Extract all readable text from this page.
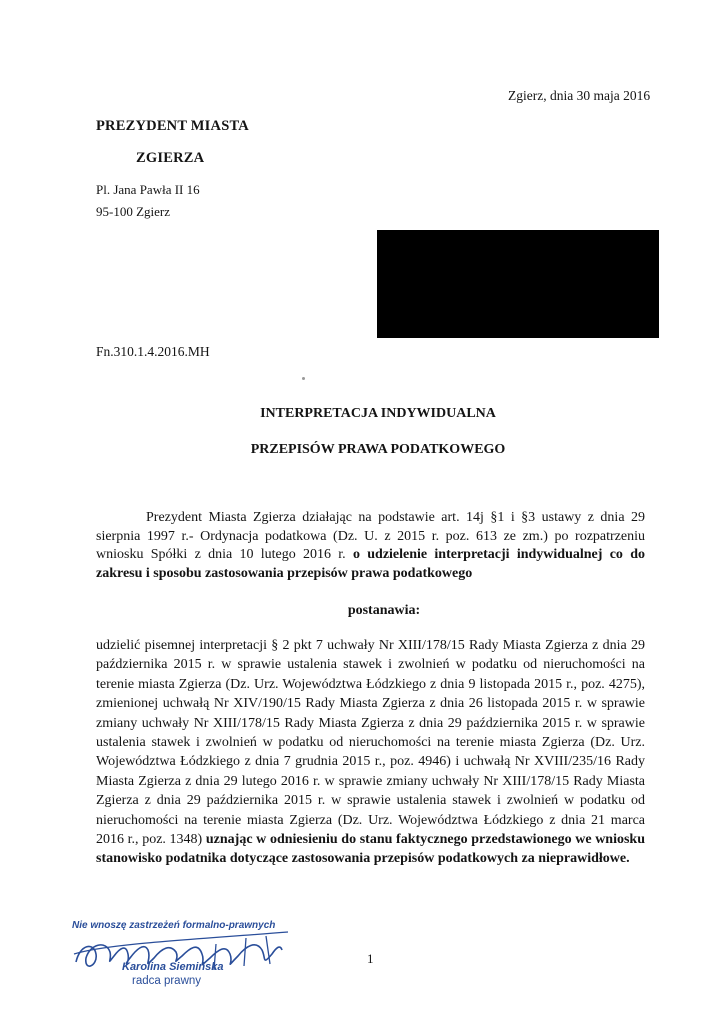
Zgierz, dnia 30 maja 2016
PREZYDENT MIASTA
ZGIERZA
Pl. Jana Pawła II 16
95-100 Zgierz
Fn.310.1.4.2016.MH
INTERPRETACJA INDYWIDUALNA
PRZEPISÓW PRAWA PODATKOWEGO
Prezydent Miasta Zgierza działając na podstawie art. 14j §1 i §3 ustawy z dnia 29 sierpnia 1997 r.- Ordynacja podatkowa (Dz. U. z 2015 r. poz. 613 ze zm.) po rozpatrzeniu wniosku Spółki z dnia 10 lutego 2016 r. o udzielenie interpretacji indywidualnej co do zakresu i sposobu zastosowania przepisów prawa podatkowego
postanawia:
udzielić pisemnej interpretacji § 2 pkt 7 uchwały Nr XIII/178/15 Rady Miasta Zgierza z dnia 29 października 2015 r. w sprawie ustalenia stawek i zwolnień w podatku od nieruchomości na terenie miasta Zgierza (Dz. Urz. Województwa Łódzkiego z dnia 9 listopada 2015 r., poz. 4275), zmienionej uchwałą Nr XIV/190/15 Rady Miasta Zgierza z dnia 26 listopada 2015 r. w sprawie zmiany uchwały Nr XIII/178/15 Rady Miasta Zgierza z dnia 29 października 2015 r. w sprawie ustalenia stawek i zwolnień w podatku od nieruchomości na terenie miasta Zgierza (Dz. Urz. Województwa Łódzkiego z dnia 7 grudnia 2015 r., poz. 4946) i uchwałą Nr XVIII/235/16 Rady Miasta Zgierza z dnia 29 lutego 2016 r. w sprawie zmiany uchwały Nr XIII/178/15 Rady Miasta Zgierza z dnia 29 października 2015 r. w sprawie ustalenia stawek i zwolnień w podatku od nieruchomości na terenie miasta Zgierza (Dz. Urz. Województwa Łódzkiego z dnia 21 marca 2016 r., poz. 1348) uznając w odniesieniu do stanu faktycznego przedstawionego we wniosku stanowisko podatnika dotyczące zastosowania przepisów podatkowych za nieprawidłowe.
Nie wnoszę zastrzeżeń formalno-prawnych
Karolina Siemińska
radca prawny
1
